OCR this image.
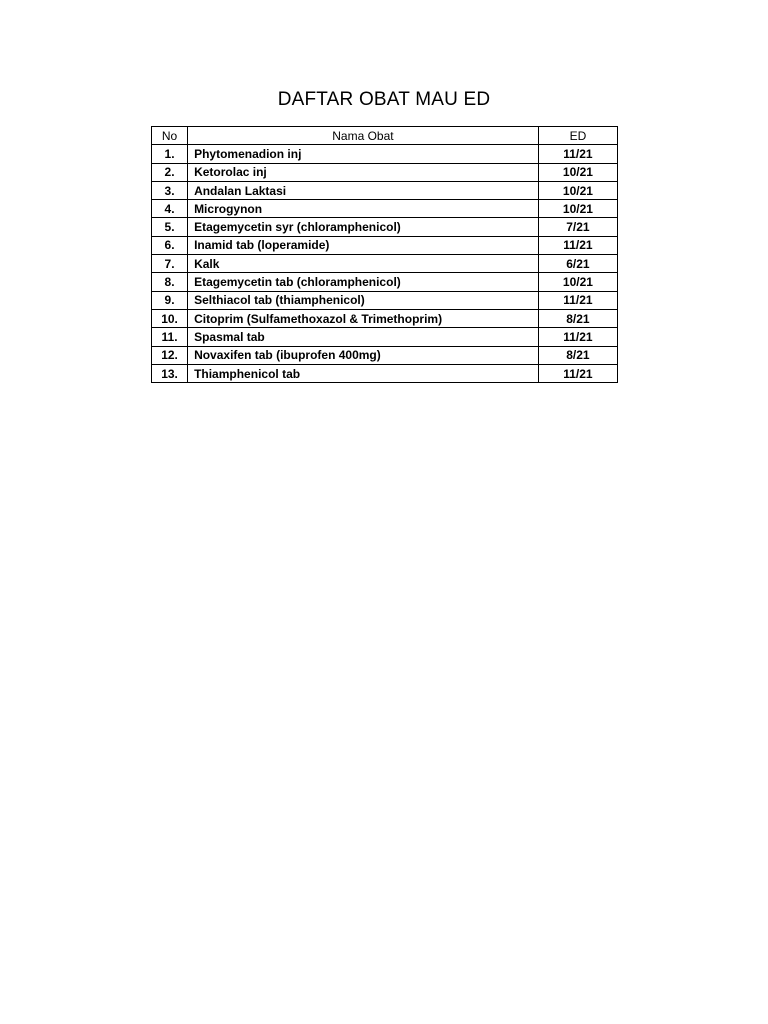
DAFTAR OBAT MAU ED
No	Nama Obat	ED
1.	Phytomenadion inj	11/21
2.	Ketorolac inj	10/21
3.	Andalan Laktasi	10/21
4.	Microgynon	10/21
5.	Etagemycetin syr (chloramphenicol)	7/21
6.	Inamid tab (loperamide)	11/21
7.	Kalk	6/21
8.	Etagemycetin tab (chloramphenicol)	10/21
9.	Selthiacol tab (thiamphenicol)	11/21
10.	Citoprim (Sulfamethoxazol & Trimethoprim)	8/21
11.	Spasmal tab	11/21
12.	Novaxifen tab (ibuprofen 400mg)	8/21
13.	Thiamphenicol tab	11/21
